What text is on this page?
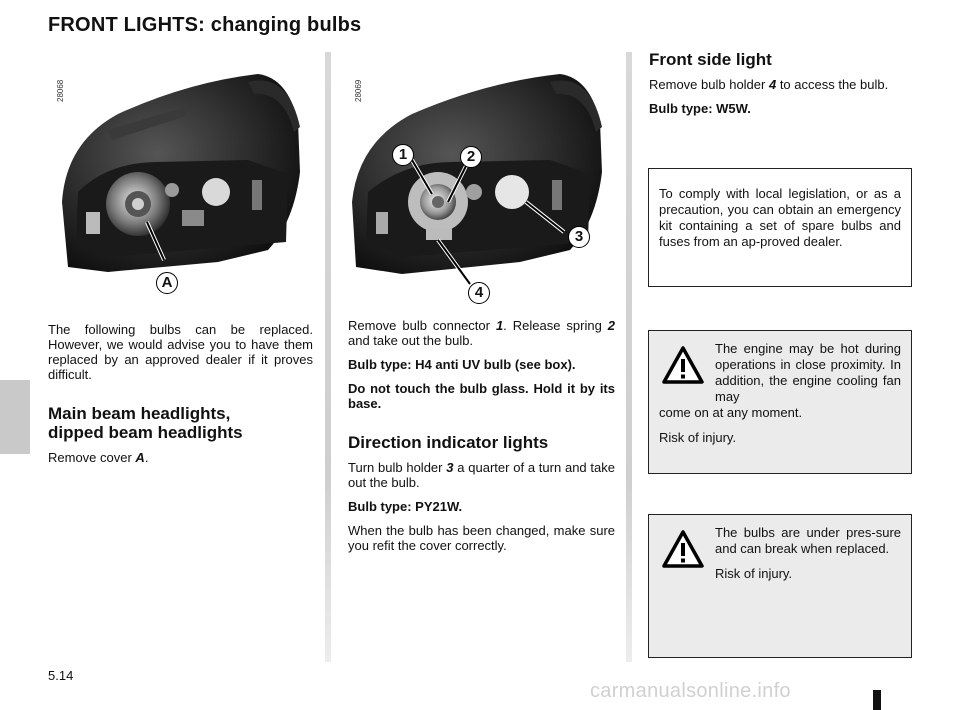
FRONT LIGHTS: changing bulbs
28068
A
28069
1	2
3
4

The following bulbs can be replaced. However, we would advise you to have them replaced by an approved dealer if it proves difficult.

Main beam headlights,
dipped beam headlights

Remove cover A.

Remove bulb connector 1. Release spring 2 and take out the bulb.

Bulb type: H4 anti UV bulb (see box).

Do not touch the bulb glass. Hold it by its base.

Direction indicator lights

Turn bulb holder 3 a quarter of a turn and take out the bulb.

Bulb type: PY21W.

When the bulb has been changed, make sure you refit the cover correctly.

Front side light

Remove bulb holder 4 to access the bulb.

Bulb type: W5W.

To comply with local legislation, or as a precaution, you can obtain an emergency kit containing a set of spare bulbs and fuses from an ap-proved dealer.

The engine may be hot during operations in close proximity. In addition, the engine cooling fan may

come on at any moment.

Risk of injury.

The bulbs are under pres-sure and can break when replaced.

Risk of injury.

5.14
carmanualsonline.info
